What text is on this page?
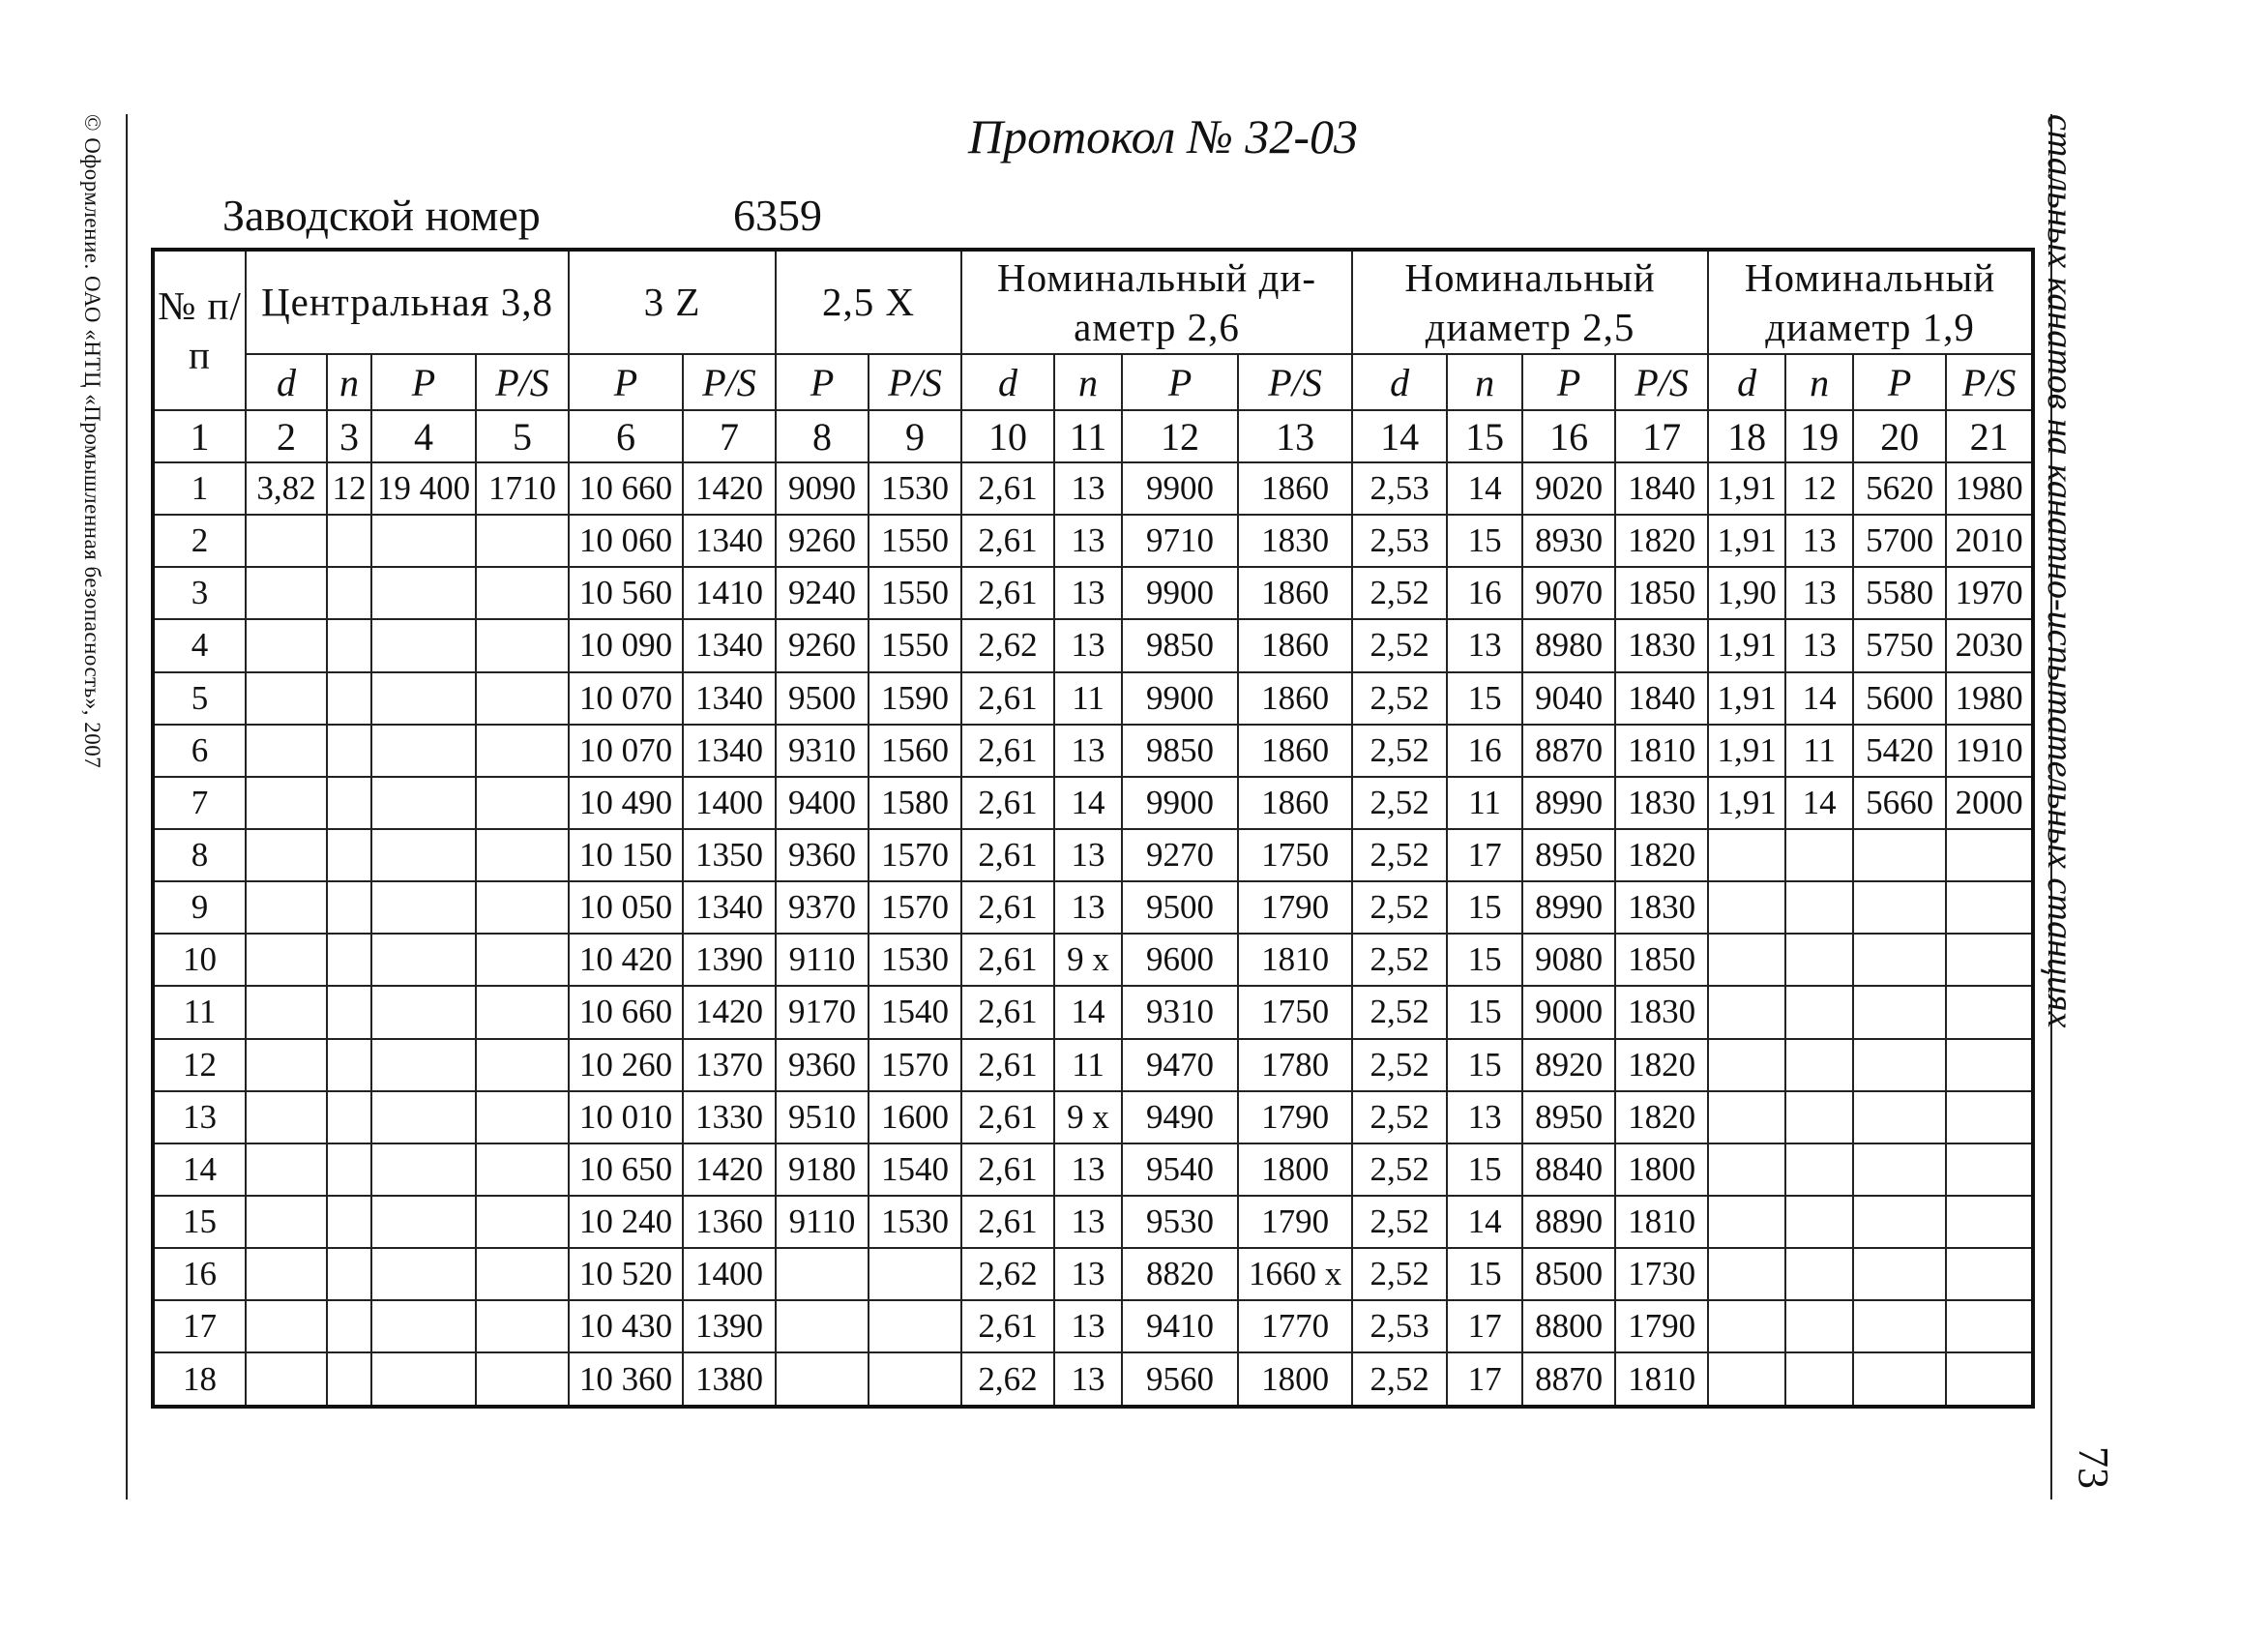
© Оформление. ОАО «НТЦ «Промышленная безопасность», 2007	стальных канатов на канатно-испытательных станциях
73
Протокол № 32-03
Заводской номер	6359
№ п/п	Центральная 3,8				3 Z		2,5 X		Номинальный ди- аметр 2,6				Номинальный диаметр 2,5				Номинальный диаметр 1,9			
	d	n	P	P/S	P	P/S	P	P/S	d	n	P	P/S	d	n	P	P/S	d	n	P	P/S
1	2	3	4	5	6	7	8	9	10	11	12	13	14	15	16	17	18	19	20	21
1	3,82	12	19 400	1710	10 660	1420	9090	1530	2,61	13	9900	1860	2,53	14	9020	1840	1,91	12	5620	1980
2					10 060	1340	9260	1550	2,61	13	9710	1830	2,53	15	8930	1820	1,91	13	5700	2010
3					10 560	1410	9240	1550	2,61	13	9900	1860	2,52	16	9070	1850	1,90	13	5580	1970
4					10 090	1340	9260	1550	2,62	13	9850	1860	2,52	13	8980	1830	1,91	13	5750	2030
5					10 070	1340	9500	1590	2,61	11	9900	1860	2,52	15	9040	1840	1,91	14	5600	1980
6					10 070	1340	9310	1560	2,61	13	9850	1860	2,52	16	8870	1810	1,91	11	5420	1910
7					10 490	1400	9400	1580	2,61	14	9900	1860	2,52	11	8990	1830	1,91	14	5660	2000
8					10 150	1350	9360	1570	2,61	13	9270	1750	2,52	17	8950	1820				
9					10 050	1340	9370	1570	2,61	13	9500	1790	2,52	15	8990	1830				
10					10 420	1390	9110	1530	2,61	9 x	9600	1810	2,52	15	9080	1850				
11					10 660	1420	9170	1540	2,61	14	9310	1750	2,52	15	9000	1830				
12					10 260	1370	9360	1570	2,61	11	9470	1780	2,52	15	8920	1820				
13					10 010	1330	9510	1600	2,61	9 x	9490	1790	2,52	13	8950	1820				
14					10 650	1420	9180	1540	2,61	13	9540	1800	2,52	15	8840	1800				
15					10 240	1360	9110	1530	2,61	13	9530	1790	2,52	14	8890	1810				
16					10 520	1400			2,62	13	8820	1660 x	2,52	15	8500	1730				
17					10 430	1390			2,61	13	9410	1770	2,53	17	8800	1790				
18					10 360	1380			2,62	13	9560	1800	2,52	17	8870	1810				
